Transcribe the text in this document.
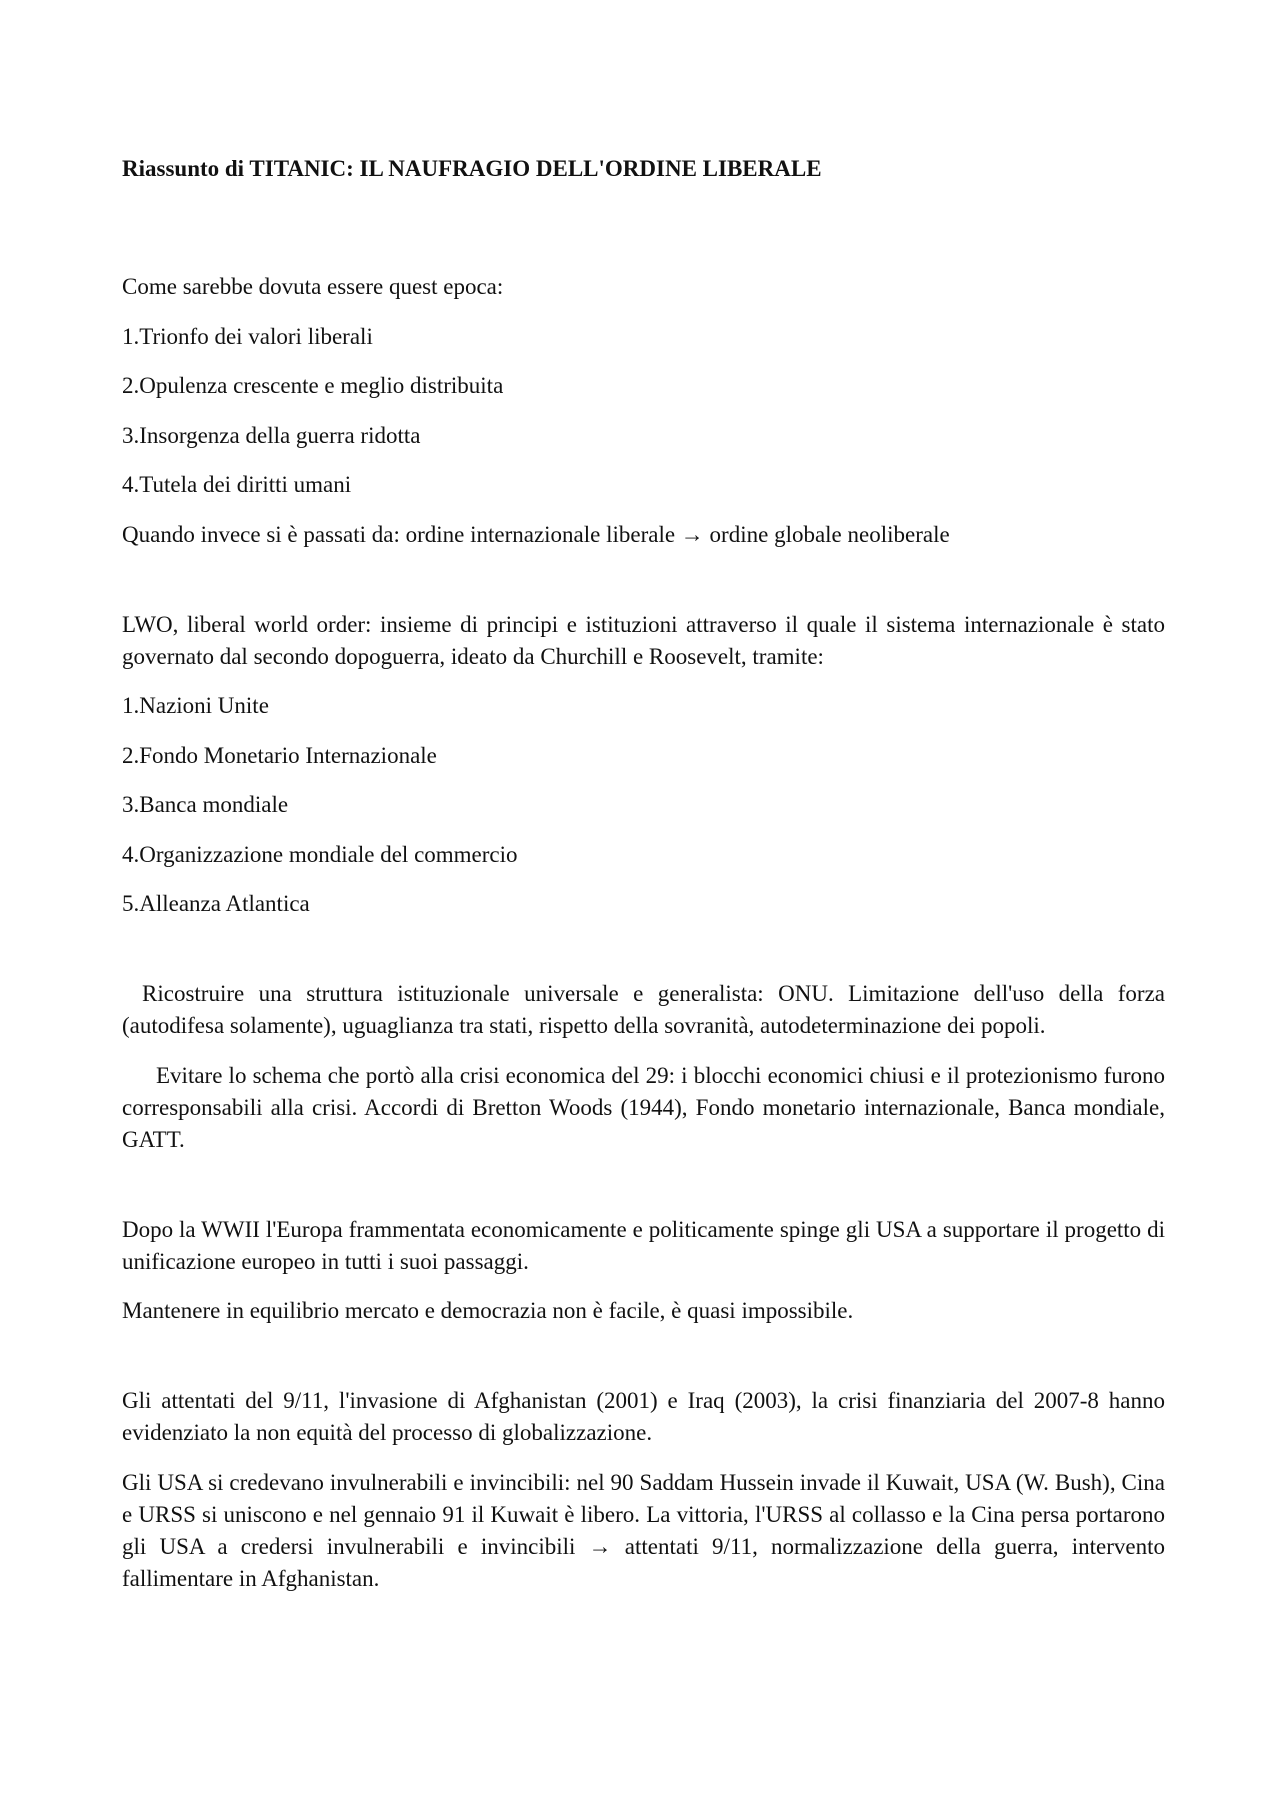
Riassunto di TITANIC: IL NAUFRAGIO DELL'ORDINE LIBERALE

Come sarebbe dovuta essere quest epoca:

1.Trionfo dei valori liberali

2.Opulenza crescente e meglio distribuita

3.Insorgenza della guerra ridotta

4.Tutela dei diritti umani

Quando invece si è passati da: ordine internazionale liberale → ordine globale neoliberale

LWO, liberal world order: insieme di principi e istituzioni attraverso il quale il sistema internazionale è stato governato dal secondo dopoguerra, ideato da Churchill e Roosevelt, tramite:

1.Nazioni Unite

2.Fondo Monetario Internazionale

3.Banca mondiale

4.Organizzazione mondiale del commercio

5.Alleanza Atlantica

Ricostruire una struttura istituzionale universale e generalista: ONU. Limitazione dell'uso della forza (autodifesa solamente), uguaglianza tra stati, rispetto della sovranità, autodeterminazione dei popoli.

Evitare lo schema che portò alla crisi economica del 29: i blocchi economici chiusi e il protezionismo furono corresponsabili alla crisi. Accordi di Bretton Woods (1944), Fondo monetario internazionale, Banca mondiale, GATT.

Dopo la WWII l'Europa frammentata economicamente e politicamente spinge gli USA a supportare il progetto di unificazione europeo in tutti i suoi passaggi.

Mantenere in equilibrio mercato e democrazia non è facile, è quasi impossibile.

Gli attentati del 9/11, l'invasione di Afghanistan (2001) e Iraq (2003), la crisi finanziaria del 2007-8 hanno evidenziato la non equità del processo di globalizzazione.

Gli USA si credevano invulnerabili e invincibili: nel 90 Saddam Hussein invade il Kuwait, USA (W. Bush), Cina e URSS si uniscono e nel gennaio 91 il Kuwait è libero. La vittoria, l'URSS al collasso e la Cina persa portarono gli USA a credersi invulnerabili e invincibili → attentati 9/11, normalizzazione della guerra, intervento fallimentare in Afghanistan.
